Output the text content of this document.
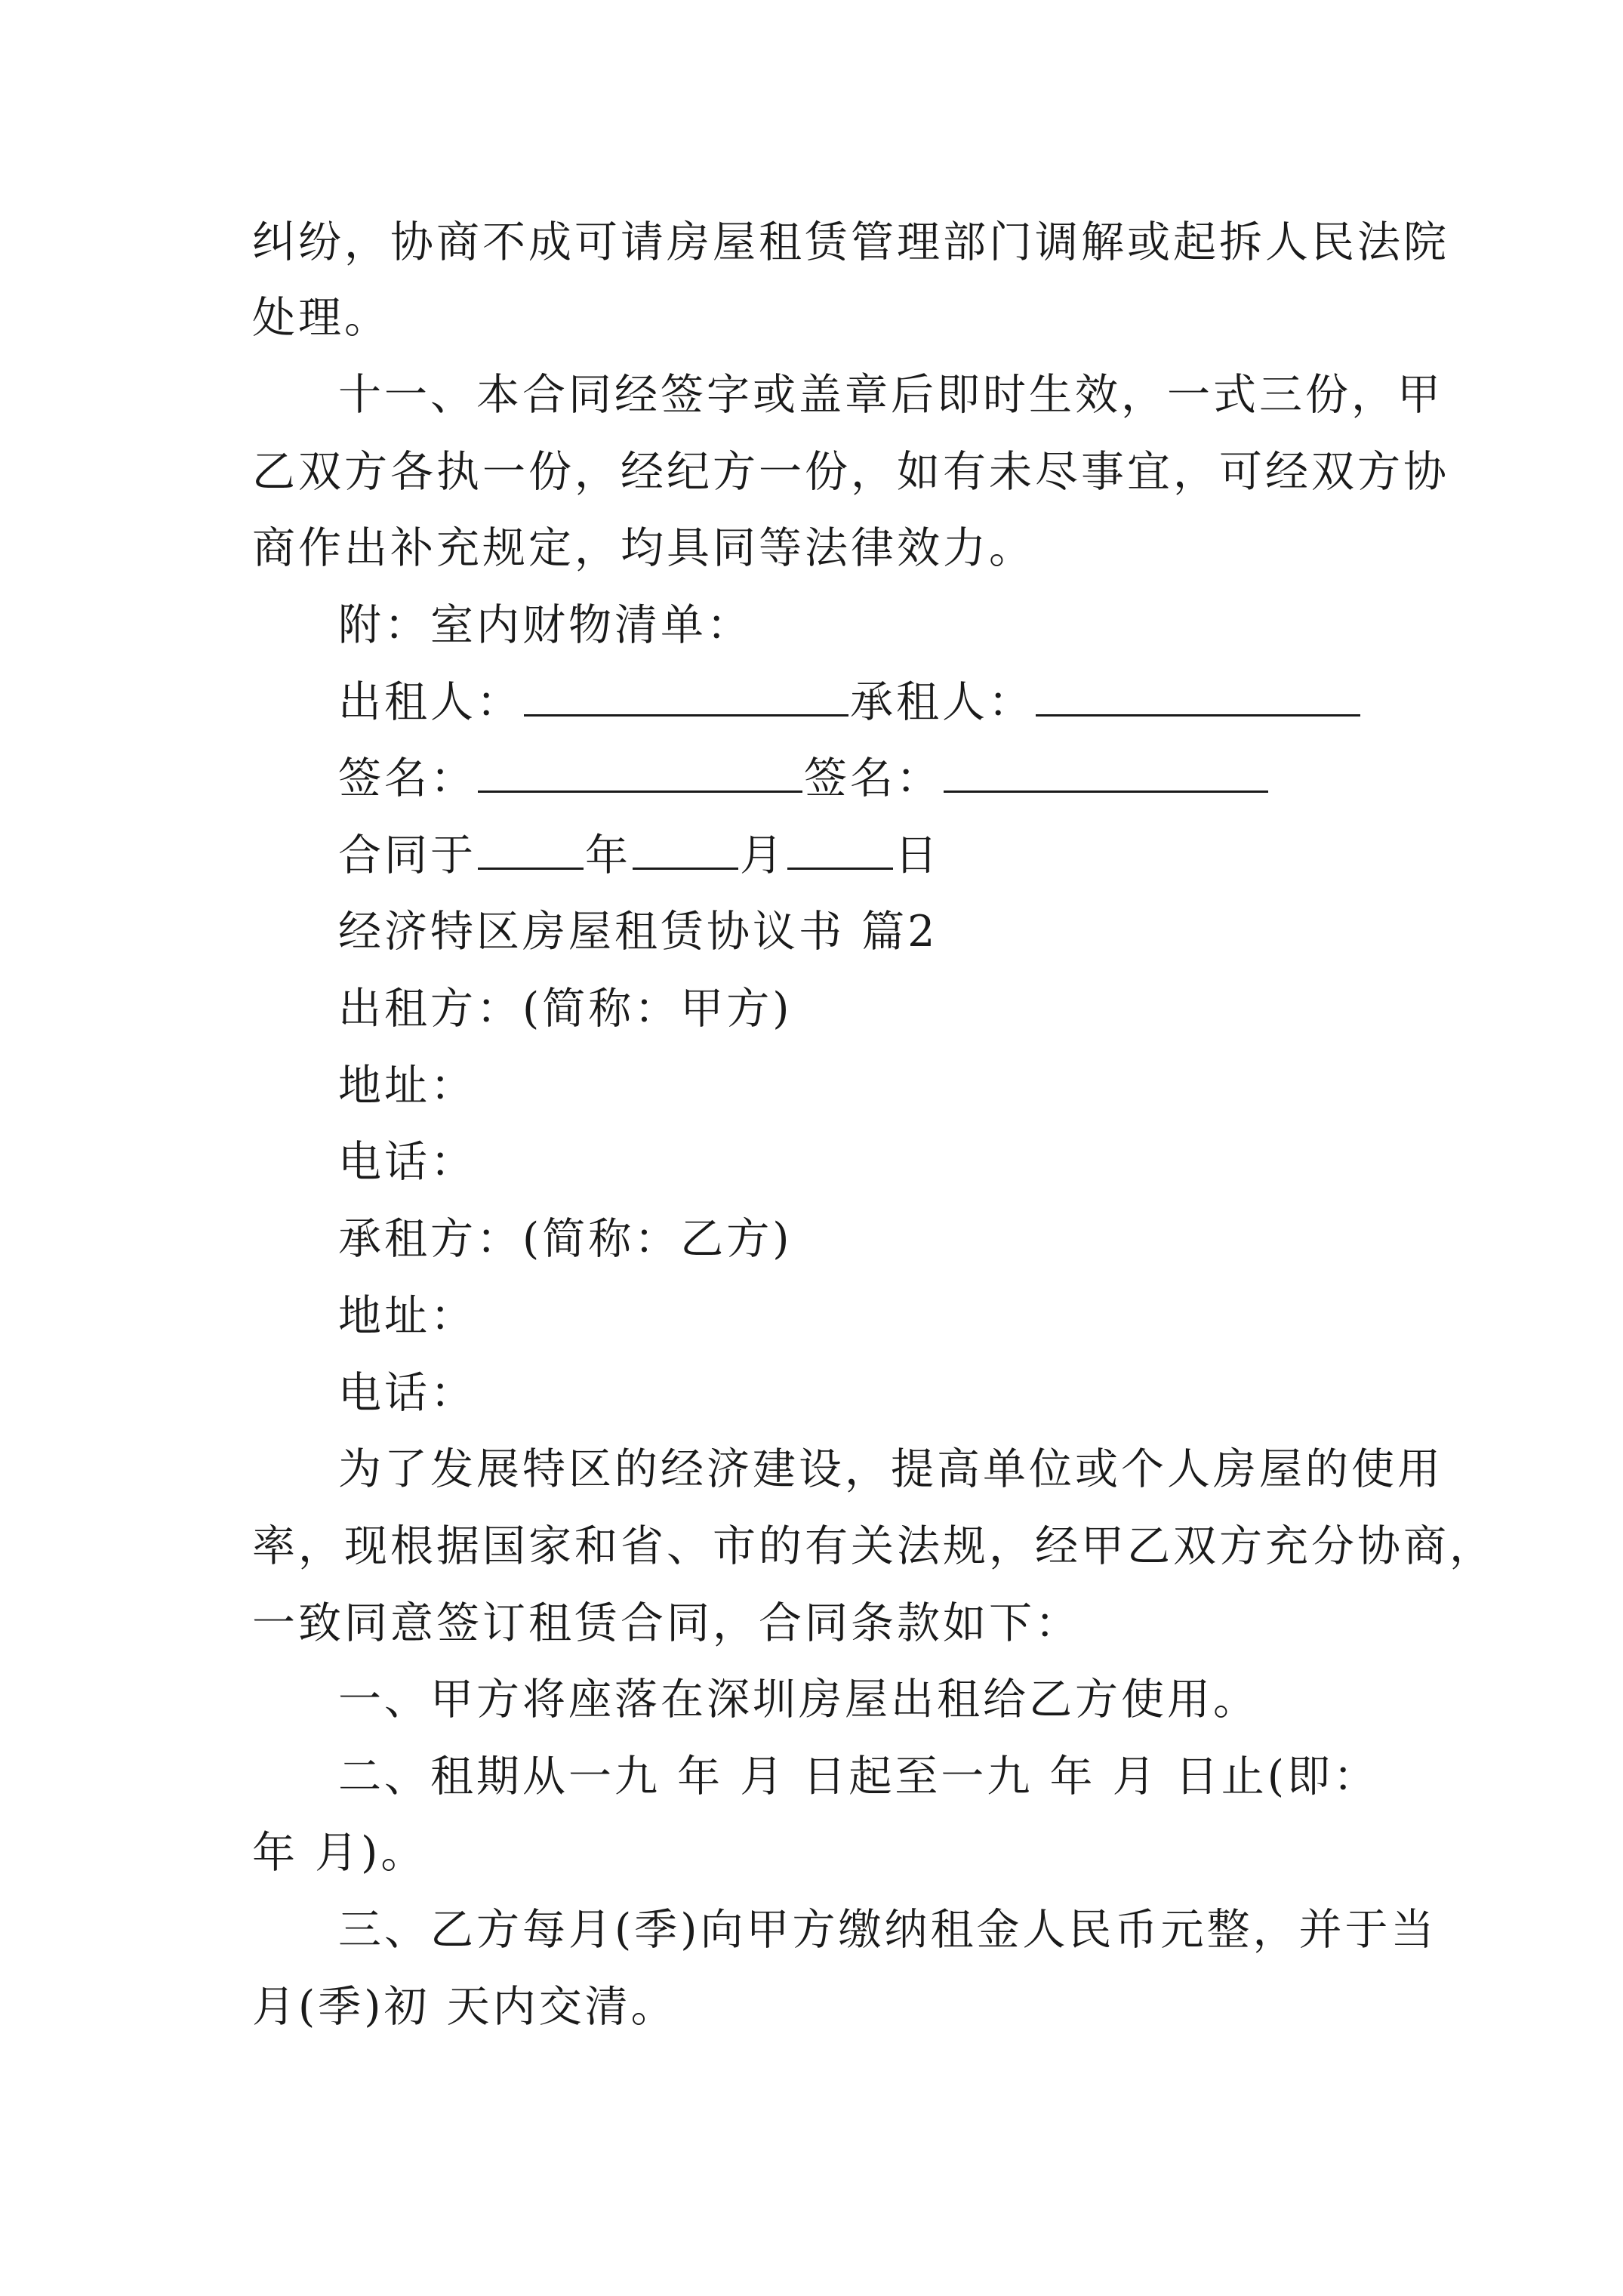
纠纷，协商不成可请房屋租赁管理部门调解或起拆人民法院
处理。
十一、本合同经签字或盖章后即时生效，一式三份，甲
乙双方各执一份，经纪方一份，如有未尽事宜，可经双方协
商作出补充规定，均具同等法律效力。
附：室内财物清单：
出租人：	承租人：
签名：	签名：
合同于	年	月	日
经济特区房屋租赁协议书 篇2
出租方：(简称：甲方)
地址：
电话：
承租方：(简称：乙方)
地址：
电话：
为了发展特区的经济建设，提高单位或个人房屋的使用
率，现根据国家和省、市的有关法规，经甲乙双方充分协商，
一致同意签订租赁合同，合同条款如下：
一、甲方将座落在深圳房屋出租给乙方使用。
二、租期从一九 年 月 日起至一九 年 月 日止(即：
年 月)。
三、乙方每月(季)向甲方缴纳租金人民币元整，并于当
月(季)初 天内交清。
